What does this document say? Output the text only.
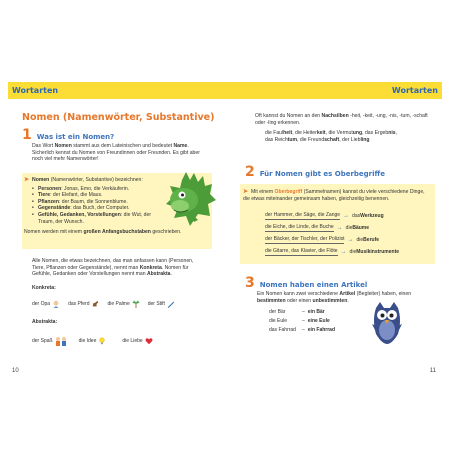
Wortarten
Nomen (Namenwörter, Substantive)
1 Was ist ein Nomen?
Das Wort Nomen stammt aus dem Lateinischen und bedeutet Name. Sicherlich kennst du Nomen von Freundinnen oder Freunden. Es gibt aber noch viel mehr Namenwörter!
➤ Nomen (Namenwörter, Substantive) bezeichnen:
• Personen: Jonas, Emo, die Verkäuferin.
• Tiere: der Elefant, die Maus.
• Pflanzen: der Baum, die Sonnenblume.
• Gegenstände: das Buch, der Computer.
• Gefühle, Gedanken, Vorstellungen: die Wut, der Traum, der Wunsch.
Nomen werden mit einem großen Anfangsbuchstaben geschrieben.
Alle Nomen, die etwas bezeichnen, das man anfassen kann (Personen, Tiere, Pflanzen oder Gegenstände), nennt man Konkreta. Nomen für Gefühle, Gedanken oder Vorstellungen nennt man Abstrakta.
Konkreta:
der Opa	das Pferd	die Palme	der Stift
Abstrakta:
der Spaß	die Idee	die Liebe
10
Wortarten
Oft kannst du Nomen an den Nachsilben -heit, -keit, -ung, -nis, -tum, -schaft oder -ling erkennen.
die Faulheit, die Heiterkeit, die Vermutung, das Ergebnis,
das Reichtum, die Freundschaft, der Liebling
2 Für Nomen gibt es Oberbegriffe
➤ Mit einem Oberbegriff (Sammelnamen) kannst du viele verschiedene Dinge, die etwas miteinander gemeinsam haben, gleichzeitig benennen.
der Hammer, die Säge, die Zange → das Werkzeug
die Eiche, die Linde, die Buche → die Bäume
der Bäcker, der Tischler, der Polizist → die Berufe
die Gitarre, das Klavier, die Flöte → die Musikinstrumente
3 Nomen haben einen Artikel
Ein Nomen kann zwei verschiedene Artikel (Begleiter) haben, einen bestimmten oder einen unbestimmten.
der Bär	– ein Bär
die Eule	– eine Eule
das Fahrrad	– ein Fahrrad
11
